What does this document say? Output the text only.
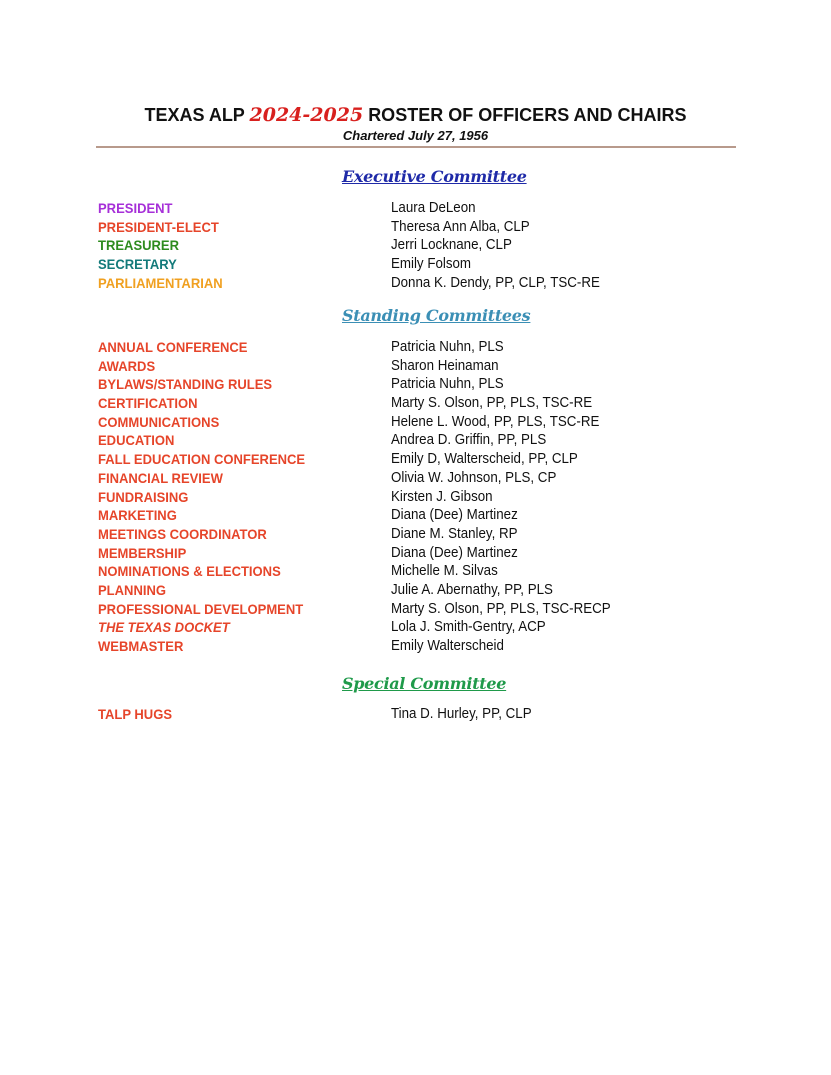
TEXAS ALP 2024-2025 ROSTER OF OFFICERS AND CHAIRS
Chartered July 27, 1956
Executive Committee
PRESIDENT	Laura DeLeon
PRESIDENT-ELECT	Theresa Ann Alba, CLP
TREASURER	Jerri Locknane, CLP
SECRETARY	Emily Folsom
PARLIAMENTARIAN	Donna K. Dendy, PP, CLP, TSC-RE
Standing Committees
ANNUAL CONFERENCE	Patricia Nuhn, PLS
AWARDS	Sharon Heinaman
BYLAWS/STANDING RULES	Patricia Nuhn, PLS
CERTIFICATION	Marty S. Olson, PP, PLS, TSC-RE
COMMUNICATIONS	Helene L. Wood, PP, PLS, TSC-RE
EDUCATION	Andrea D. Griffin, PP, PLS
FALL EDUCATION CONFERENCE	Emily D, Walterscheid, PP, CLP
FINANCIAL REVIEW	Olivia W. Johnson, PLS, CP
FUNDRAISING	Kirsten J. Gibson
MARKETING	Diana (Dee) Martinez
MEETINGS COORDINATOR	Diane M. Stanley, RP
MEMBERSHIP	Diana (Dee) Martinez
NOMINATIONS & ELECTIONS	Michelle M. Silvas
PLANNING	Julie A. Abernathy, PP, PLS
PROFESSIONAL DEVELOPMENT	Marty S. Olson, PP, PLS, TSC-RECP
THE TEXAS DOCKET	Lola J. Smith-Gentry, ACP
WEBMASTER	Emily Walterscheid
Special Committee
TALP HUGS	Tina D. Hurley, PP, CLP
